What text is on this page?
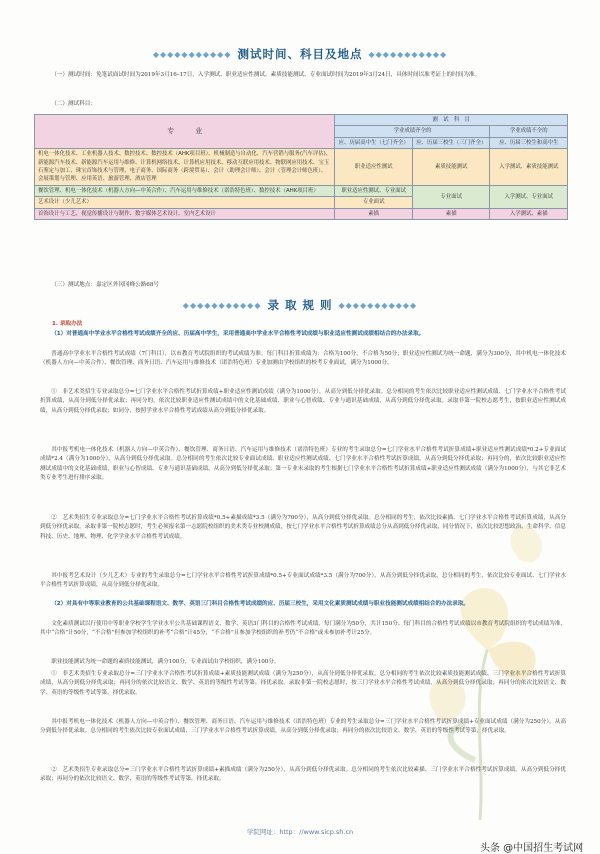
◆◆◆◆◆◆◆◆◆◆◆ 测试时间、科目及地点 ◆◆◆◆◆◆◆◆◆◆◆
（一）测试时间：免笔试面试时间为2019年3月16–17日，入学测试、职业适应性测试、素质技能测试、专业面试时间为2019年3月24日，具体时间以准考证上的时间为准。
（二）测试科目：
专　　　业	测　试　科　目		
	学业成绩齐全的		学业成绩不全的
	应、历届高中生（七门齐全）	应、历届三校生（三门齐全）	应、历届三校生和高中生
机电一体化技术、工业机器人技术、数控技术、数控技术（AHK项目班）、机械制造与自动化、汽车营销与服务(汽车评估)、新能源汽车技术、新能源汽车运用与维修、计算机网络技术、计算机应用技术、移动互联应用技术、物联网应用技术、宝玉石鉴定与加工、珠宝首饰技术与管理、电子商务、国际商务（跨境贸易）、会计（助理会计师）、会计（管理会计师色班）、会展策划与管理、应用英语、旅游管理、酒店管理	职业适应性测试	素质技能测试	入学测试、素质技能测试
餐饮管理、机电一体化技术（机器人方向—中英合作）、汽车运用与维修技术（诺浩特色班）、数控技术（AHK项目班）	职业适应性测试、专业面试	专业面试	入学测试、专业面试
艺术设计（少儿艺术）	专业面试		
首饰设计与工艺、视觉传播设计与制作、数字媒体艺术设计、室内艺术设计	素描	素描	入学测试、素描
（三）测试地点：嘉定区外冈冈峰公路68号
◆◆◆◆◆◆◆◆◆◆◆ 录 取 规 则 ◆◆◆◆◆◆◆◆◆◆◆
1. 录取办法
（1）对普通高中学业水平合格性考试成绩齐全的应、历届高中学生，采用普通高中学业水平合格性考试成绩与职业适应性测试成绩相结合的办法录取。
普通高中学业水平合格性考试成绩（7门科目），以市教育考试院组织的考试成绩为准。每门科目折算成绩为：合格为100分，不合格为50分；职业适应性测试为统一命题，满分为300分，其中机电一体化技术（机器人方向—中英合作）、餐饮管理、商务日语、汽车运用与维修技术（诺浩特色班）专业加测由学校组织的校考专业面试，满分为1000分。
①　非艺术类招生专业录取总分=七门学业水平合格性考试折算成绩+职业适应性测试成绩（满分为1000分），从高分到低分择优录取。总分相同的考生依次比较职业适应性测试成绩、七门学业水平合格性考试折算成绩，从高分到低分择优录取；再同分的，依次比较职业适应性测试成绩中的文化基础成绩、职业与心智成绩、专业与通识基础成绩，从高分到低分择优录取。录取非第一院校志愿考生，按职业适应性测试成绩，从高分到低分择优录取；如同分，按照学业水平合格性考试成绩从高分到低分择优录取。
其中报考机电一体化技术（机器人方向—中英合作）、餐饮管理、商务日语、汽车运用与维修技术（诺浩特色班）专业的考生录取总分=七门学业水平合格性考试折算成绩+职业适应性测试成绩*0.2+专业面试成绩*2.4（满分为1000分），从高分到低分择优录取。总分相同的考生依次比较专业面试成绩、职业适应性测试成绩、七门学业水平合格性考试折算成绩，从高分到低分择优录取；再同分的，依次比较职业适应性测试成绩中的文化基础成绩、职业与心智成绩、专业与通识基础成绩，从高分到低分择优录取；第一专业未录取的考生根据七门学业水平合格性考试折算成绩+职业适应性测试成绩（满分为1000分），与其它非艺术类专业考生进行排序录取。
②　艺术类招生专业录取总分=七门学业水平合格性考试折算成绩*0.5+素描成绩*3.5（满分为700分），从高分到低分择优录取。总分相同的考生，依次比较素描、七门学业水平合格性考试折算成绩，从高分到低分择优录取。录取非第一院校志愿时，考生必须报名第一志愿院校组织的美术类专业校测成绩，按七门学业水平合格性考试折算成绩总分从高到低分择优录取，同分情况下，依次比较思想政治、生命科学、信息科技、历史、地理、物理、化学学业水平合格性考试成绩。
其中报考艺术设计（少儿艺术）专业的考生录取总分=七门学业水平合格性考试折算成绩*0.5+专业面试成绩*3.5（满分为700分），从高分到低分择优录取。总分相同的考生，依次比较专业面试、七门学业水平合格性考试折算成绩，从高分到低分择优录取。
（2）对具有中等职业教育的公共基础课程语文、数学、英语三门科目合格性考试成绩的应、历届三校生，采用文化素质测试成绩与职业技能测试成绩相结合的办法录取。
文化素质测试以行使用中等职业学校学生学业水平公共基础课程语文、数学、英语3门科目的合格性考试成绩，每门满分为50分，共计150分。每门科目的合格性考试成绩以市教育考试院组织的考试成绩为准，其中“合格”计50分，“不合格”但参加学校组织的补考“合格”计45分，“不合格”且参加学校组织的补考仍“不合格”或未参加补考计25分。
职业技能测试为统一命题的素质技能测试，满分100分，专业面试由学校组织，满分100分。
①　非艺术类招生专业录取总分=三门学业水平合格性考试折算成绩+素质技能测试成绩（满分为250分），从高分到低分择优录取。总分相同的考生依次比较素质技能测试成绩、三门学业水平合格性考试折算成绩，从高分到低分择优录取；再同分的依次比较语文、数学、英语的等级性考试等第，择优录取。录取非第一院校志愿时，按三门学业水平合格性考试成绩，从高分到低分择优录取；再同分的依次比较语文、数学、英语的等级性考试等第，择优录取。
其中报考机电一体化技术（机器人方向—中英合作）、餐饮管理、商务日语、汽车运用与维修技术（诺浩特色班）专业的考生录取总分=三门学业水平合格性考试折算成绩+专业面试成绩（满分为250分），从高分到低分择优录取。总分相同的考生依次比较专业面试成绩、三门学业水平合格性考试折算成绩，从高分到低分择优录取；再同分的依次比较语文、数学、英语的等级性考试等第，择优录取。
②　艺术类招生专业录取总分=三门学业水平合格性考试折算成绩+素描成绩（满分为250分），从高分到低分择优录取。总分相同的考生依次比较素描、三门学业水平合格性考试折算成绩，从高分到低分择优录取；再同分的依次比较语文、数学、英语的等级性考试等第，择优录取。
学院网址：http：//www.sicp.sh.cn
头条 @中国招生考试网
